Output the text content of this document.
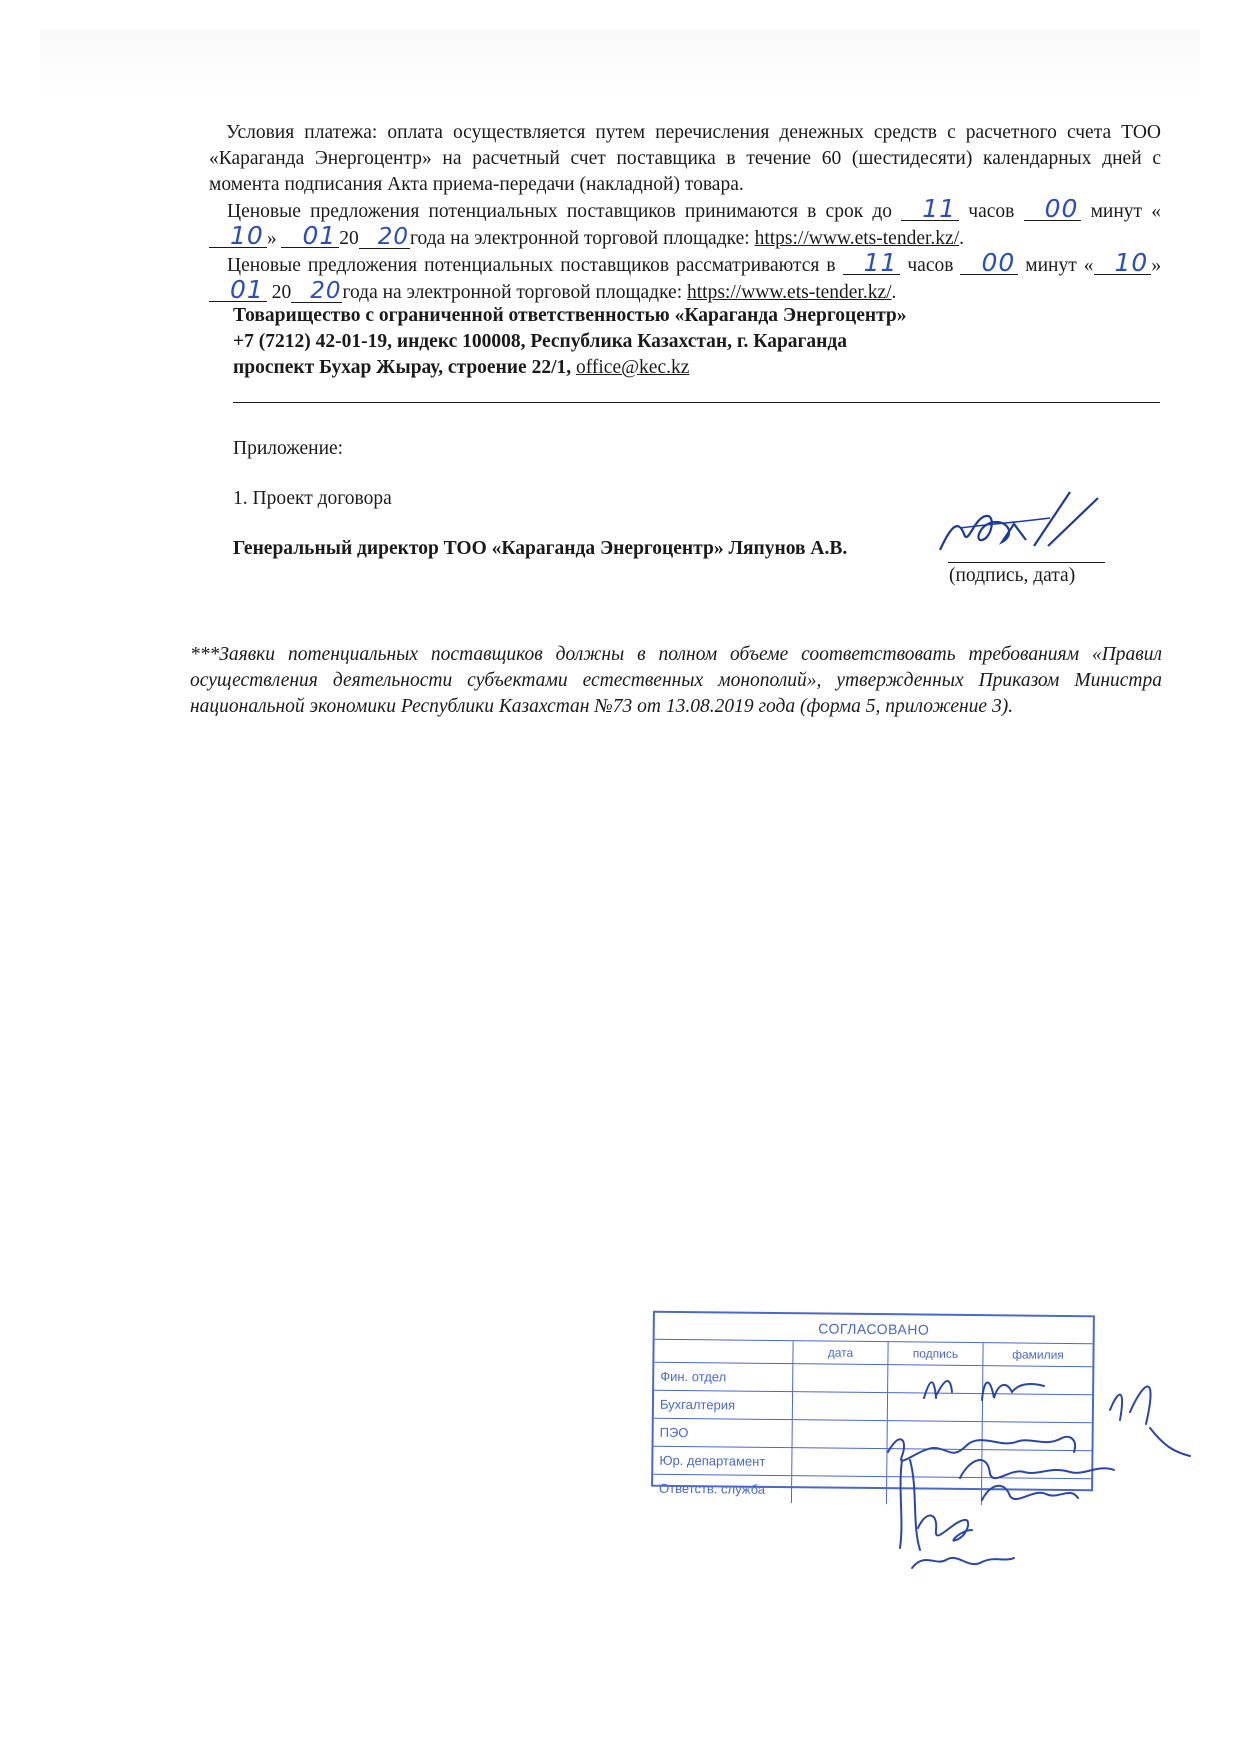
Условия платежа: оплата осуществляется путем перечисления денежных средств с расчетного счета ТОО «Караганда Энергоцентр» на расчетный счет поставщика в течение 60 (шестидесяти) календарных дней с момента подписания Акта приема-передачи (накладной) товара.

Ценовые предложения потенциальных поставщиков принимаются в срок до 11 часов 00 минут «10 » 01 20 20года на электронной торговой площадке: https://www.ets-tender.kz/.

Ценовые предложения потенциальных поставщиков рассматриваются в 11 часов 00 минут « 10 » 01 20 20года на электронной торговой площадке: https://www.ets-tender.kz/.

Товарищество с ограниченной ответственностью «Караганда Энергоцентр»
+7 (7212) 42-01-19, индекс 100008, Республика Казахстан, г. Караганда
проспект Бухар Жырау, строение 22/1, office@kec.kz
Приложение:
1. Проект договора
Генеральный директор ТОО «Караганда Энергоцентр» Ляпунов А.В.
(подпись, дата)
***Заявки потенциальных поставщиков должны в полном объеме соответствовать требованиям «Правил осуществления деятельности субъектами естественных монополий», утвержденных Приказом Министра национальной экономики Республики Казахстан №73 от 13.08.2019 года (форма 5, приложение 3).
СОГЛАСОВАНО
	дата	подпись	фамилия
Фин. отдел			
Бухгалтерия			
ПЭО			
Юр. департамент			
Ответств. служба			
